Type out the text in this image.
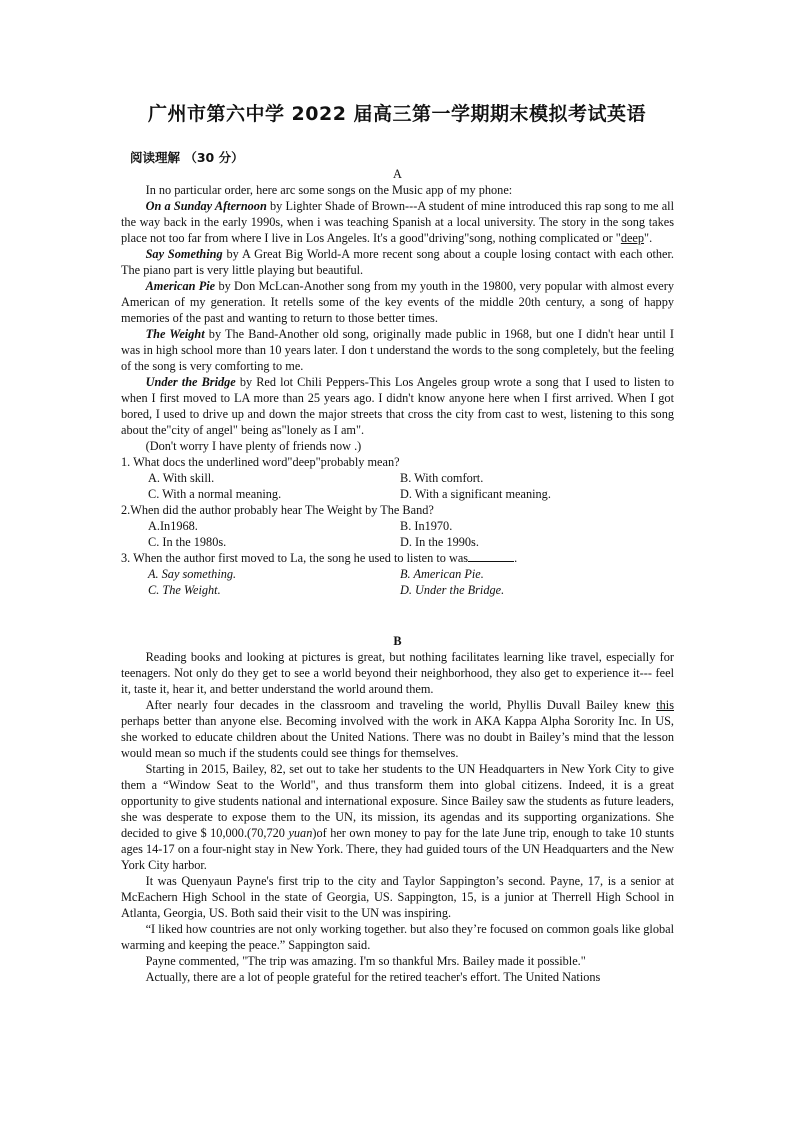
广州市第六中学 2022 届高三第一学期期末模拟考试英语
阅读理解 （30 分）
A

In no particular order, here arc some songs on the Music app of my phone:

On a Sunday Afternoon by Lighter Shade of Brown---A student of mine introduced this rap song to me all the way back in the early 1990s, when i was teaching Spanish at a local university. The story in the song takes place not too far from where I live in Los Angeles. It's a good"driving"song, nothing complicated or "deep".

Say Something by A Great Big World-A more recent song about a couple losing contact with each other. The piano part is very little playing but beautiful.

American Pie by Don McLcan-Another song from my youth in the 19800, very popular with almost every American of my generation. It retells some of the key events of the middle 20th century, a song of happy memories of the past and wanting to return to those better times.

The Weight by The Band-Another old song, originally made public in 1968, but one I didn't hear until I was in high school more than 10 years later. I don t understand the words to the song completely, but the feeling of the song is very comforting to me.

Under the Bridge by Red lot Chili Peppers-This Los Angeles group wrote a song that I used to listen to when I first moved to LA more than 25 years ago. I didn't know anyone here when I first arrived. When I got bored, I used to drive up and down the major streets that cross the city from cast to west, listening to this song about the"city of angel" being as"lonely as I am".

(Don't worry I have plenty of friends now .)

1. What docs the underlined word"deep"probably mean?
A. With skill.	B. With comfort.
C. With a normal meaning.	D. With a significant meaning.
2.When did the author probably hear The Weight by The Band?
A.In1968.	B. In1970.
C. In the 1980s.	D. In the 1990s.
3. When the author first moved to La, the song he used to listen to was	.
A. Say something.	B. American Pie.
C. The Weight.	D. Under the Bridge.
B

Reading books and looking at pictures is great, but nothing facilitates learning like travel, especially for teenagers. Not only do they get to see a world beyond their neighborhood, they also get to experience it--- feel it, taste it, hear it, and better understand the world around them.

After nearly four decades in the classroom and traveling the world, Phyllis Duvall Bailey knew this perhaps better than anyone else. Becoming involved with the work in AKA Kappa Alpha Sorority Inc. In US, she worked to educate children about the United Nations. There was no doubt in Bailey’s mind that the lesson would mean so much if the students could see things for themselves.

Starting in 2015, Bailey, 82, set out to take her students to the UN Headquarters in New York City to give them a “Window Seat to the World", and thus transform them into global citizens. Indeed, it is a great opportunity to give students national and international exposure. Since Bailey saw the students as future leaders, she was desperate to expose them to the UN, its mission, its agendas and its supporting organizations. She decided to give $ 10,000.(70,720 yuan)of her own money to pay for the late June trip, enough to take 10 stunts ages 14-17 on a four-night stay in New York. There, they had guided tours of the UN Headquarters and the New York City harbor.

It was Quenyaun Payne's first trip to the city and Taylor Sappington’s second. Payne, 17, is a senior at McEachern High School in the state of Georgia, US. Sappington, 15, is a junior at Therrell High School in Atlanta, Georgia, US. Both said their visit to the UN was inspiring.

“I liked how countries are not only working together. but also they’re focused on common goals like global warming and keeping the peace.” Sappington said.

Payne commented, "The trip was amazing. I'm so thankful Mrs. Bailey made it possible."

Actually, there are a lot of people grateful for the retired teacher's effort. The United Nations
